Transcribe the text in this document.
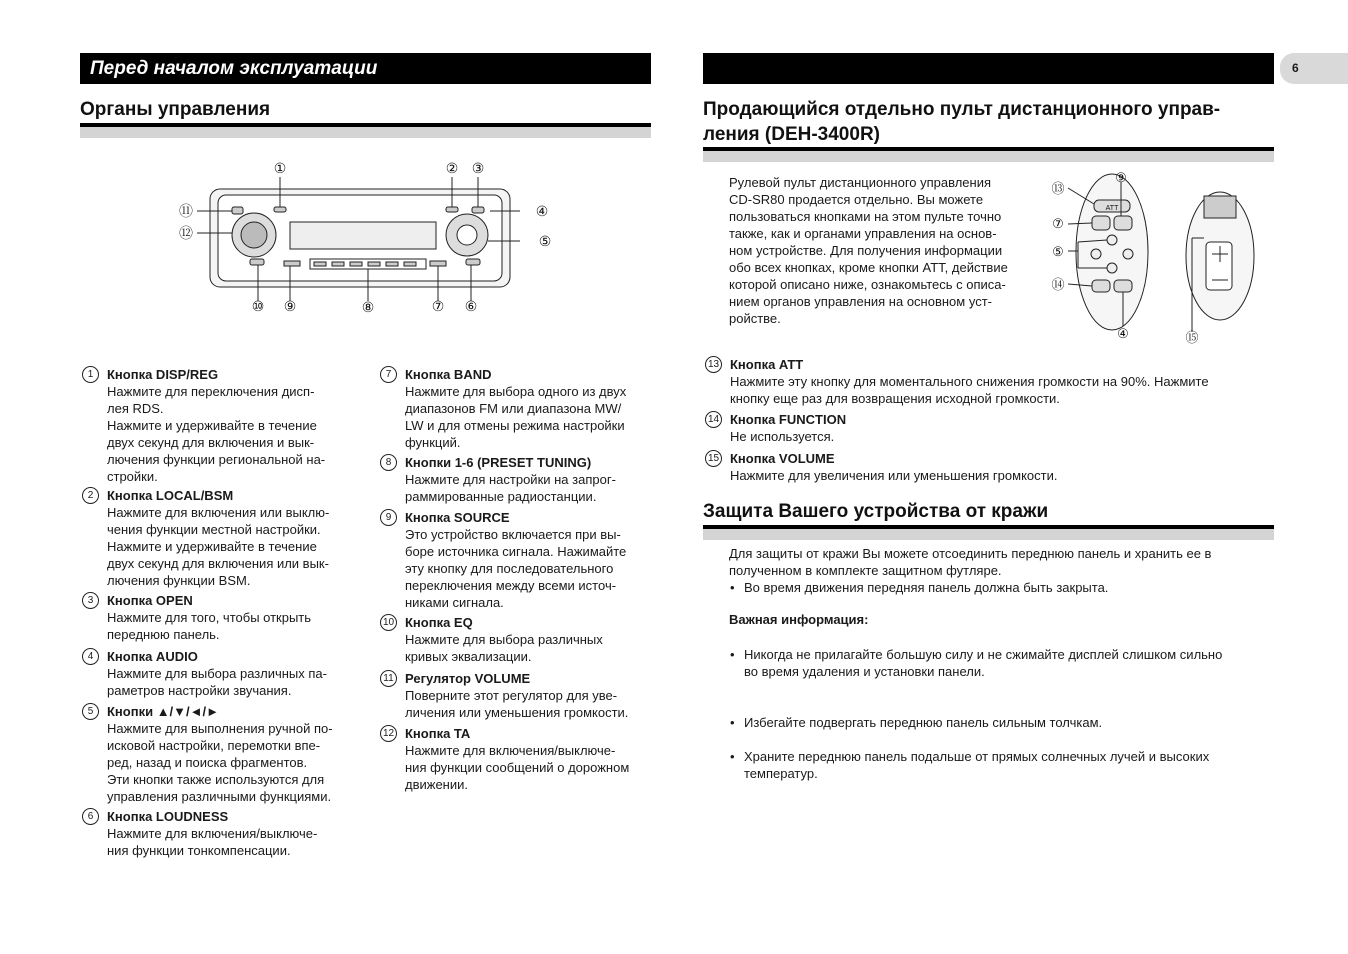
Перед началом эксплуатации
Органы управления
①	② ③
④
⑤
⑥
⑦
⑧
⑨
⑩
⑪
⑫
1	Кнопка DISP/REG
Нажмите для переключения дисп-
лея RDS.
Нажмите и удерживайте в течение
двух секунд для включения и вык-
лючения функции региональной на-
стройки.
2	Кнопка LOCAL/BSM
Нажмите для включения или выклю-
чения функции местной настройки.
Нажмите и удерживайте в течение
двух секунд для включения или вык-
лючения функции BSM.
3	Кнопка OPEN
Нажмите для того, чтобы открыть
переднюю панель.
4	Кнопка AUDIO
Нажмите для выбора различных па-
раметров настройки звучания.
5	Кнопки ▲/▼/◄/►
Нажмите для выполнения ручной по-
исковой настройки, перемотки впе-
ред, назад и поиска фрагментов.
Эти кнопки также используются для
управления различными функциями.
6	Кнопка LOUDNESS
Нажмите для включения/выключе-
ния функции тонкомпенсации.
7	Кнопка BAND
Нажмите для выбора одного из двух
диапазонов FM или диапазона MW/
LW и для отмены режима настройки
функций.
8	Кнопки 1-6 (PRESET TUNING)
Нажмите для настройки на запрог-
раммированные радиостанции.
9	Кнопка SOURCE
Это устройство включается при вы-
боре источника сигнала. Нажимайте
эту кнопку для последовательного
переключения между всеми источ-
никами сигнала.
10 Кнопка EQ
Нажмите для выбора различных
кривых эквализации.
11 Регулятор VOLUME
Поверните этот регулятор для уве-
личения или уменьшения громкости.
12 Кнопка TA
Нажмите для включения/выключе-
ния функции сообщений о дорожном
движении.
6
Продающийся отдельно пульт дистанционного управ-
ления (DEH-3400R)
Рулевой пульт дистанционного управления
CD-SR80 продается отдельно. Вы можете
пользоваться кнопками на этом пульте точно
также, как и органами управления на основ-
ном устройстве. Для получения информации
обо всех кнопках, кроме кнопки ATT, действие
которой описано ниже, ознакомьтесь с описа-
нием органов управления на основном уст-
ройстве.
⑬
⑨
⑦
⑤
⑭
④	⑮
ATT
13 Кнопка ATT
Нажмите эту кнопку для моментального снижения громкости на 90%. Нажмите
кнопку еще раз для возвращения исходной громкости.
14 Кнопка FUNCTION
Не используется.
15 Кнопка VOLUME
Нажмите для увеличения или уменьшения громкости.
Защита Вашего устройства от кражи
Для защиты от кражи Вы можете отсоединить переднюю панель и хранить ее в
полученном в комплекте защитном футляре.
• Во время движения передняя панель должна быть закрыта.
Важная информация:
• Никогда не прилагайте большую силу и не сжимайте дисплей слишком сильно
во время удаления и установки панели.
• Избегайте подвергать переднюю панель сильным толчкам.
• Храните переднюю панель подальше от прямых солнечных лучей и высоких
температур.
